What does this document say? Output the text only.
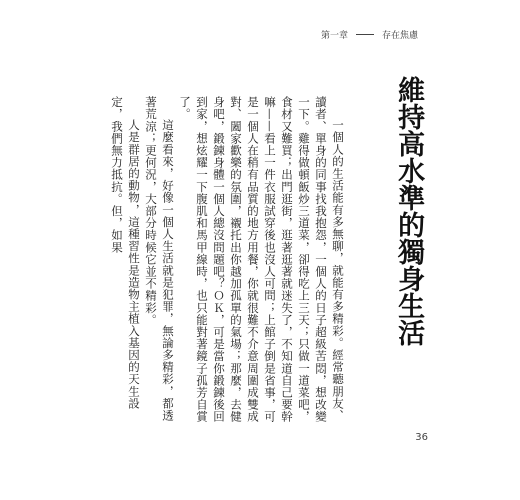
第一章	存在焦慮
維持高水準的獨身生活

一個人的生活能有多無聊，就能有多精彩。經常聽朋友、讀者、單身的同事找我抱怨，一個人的日子超級苦悶，想改變一下。雞得做頓飯炒三道菜，卻得吃上三天；只做一道菜吧，食材又難買；出門逛街，逛著逛著就迷失了，不知道自己要幹嘛——看上一件衣服試穿後也沒人可問；上館子倒是省事，可是一個人在稍有品質的地方用餐，你就很難不介意周圍成雙成對、闔家歡樂的氛圍，襯托出你越加孤單的氣場；那麼，去健身吧，鍛鍊身體一個人總沒問題吧？ＯＫ，可是當你鍛鍊後回到家，想炫耀一下腹肌和馬甲線時，也只能對著鏡子孤芳自賞了。

這麼看來，好像一個人生活就是犯罪，無論多精彩，都透著荒涼；更何況，大部分時候它並不精彩。

人是群居的動物，這種習性是造物主植入基因的天生設定，我們無力抵抗。但，如果

36
